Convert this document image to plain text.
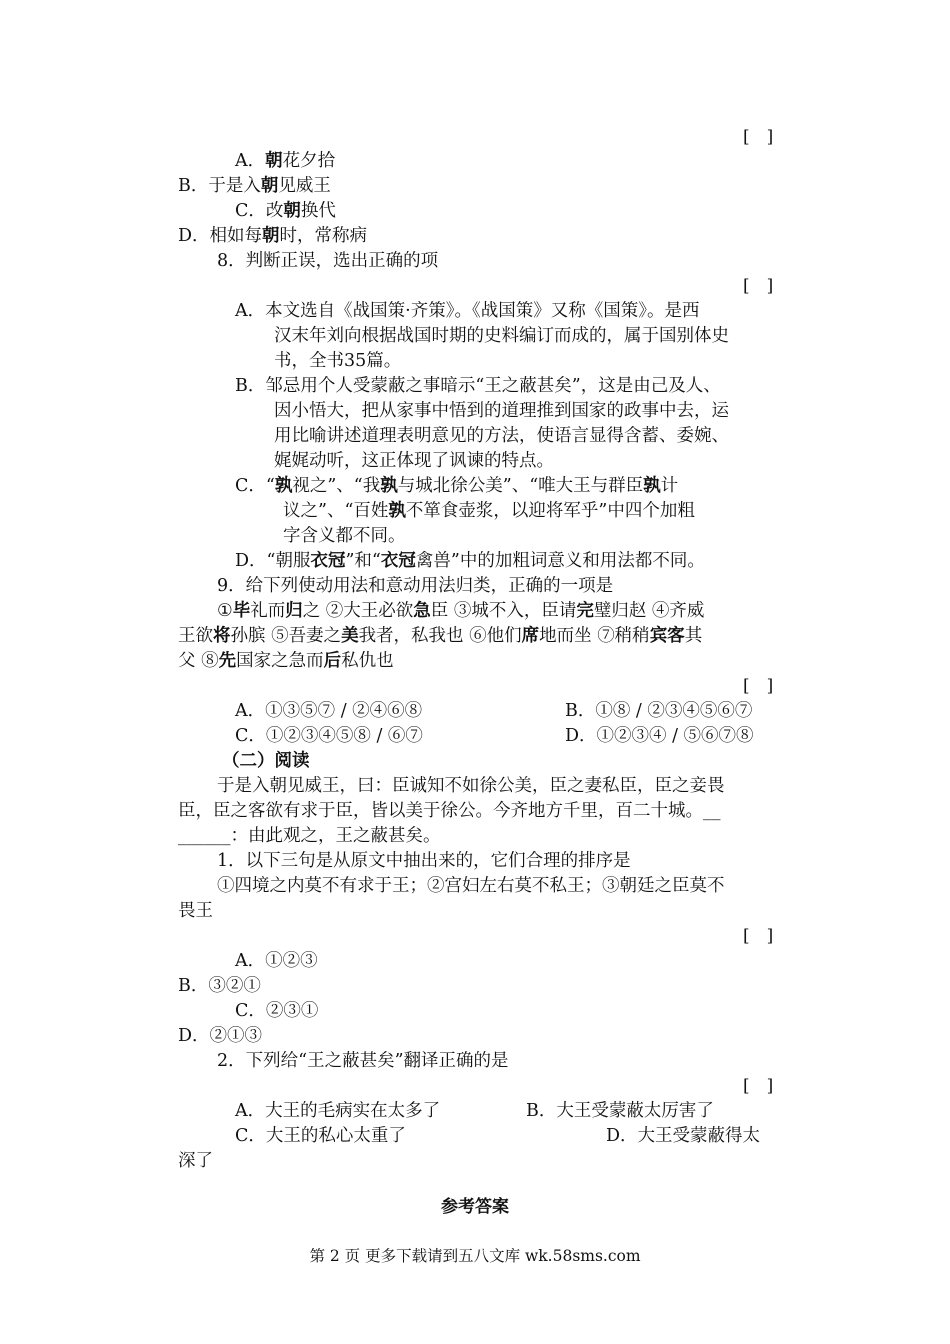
[　]
A．朝花夕拾
B．于是入朝见威王
C．改朝换代
D．相如每朝时，常称病
8．判断正误，选出正确的项
[　]
A．本文选自《战国策·齐策》。《战国策》又称《国策》。是西
汉末年刘向根据战国时期的史料编订而成的，属于国别体史
书，全书35篇。
B．邹忌用个人受蒙蔽之事暗示“王之蔽甚矣”，这是由己及人、
因小悟大，把从家事中悟到的道理推到国家的政事中去，运
用比喻讲述道理表明意见的方法，使语言显得含蓄、委婉、
娓娓动听，这正体现了讽谏的特点。
C．“孰视之”、“我孰与城北徐公美”、“唯大王与群臣孰计
议之”、“百姓孰不箪食壶浆，以迎将军乎”中四个加粗
字含义都不同。
D．“朝服衣冠”和“衣冠禽兽”中的加粗词意义和用法都不同。
9．给下列使动用法和意动用法归类，正确的一项是
①毕礼而归之 ②大王必欲急臣 ③城不入，臣请完璧归赵 ④齐威
王欲将孙膑 ⑤吾妻之美我者，私我也 ⑥他们席地而坐 ⑦稍稍宾客其
父 ⑧先国家之急而后私仇也
[　]
A．①③⑤⑦ / ②④⑥⑧	B．①⑧ / ②③④⑤⑥⑦
C．①②③④⑤⑧ / ⑥⑦	D．①②③④ / ⑤⑥⑦⑧
（二）阅读
于是入朝见威王，曰：臣诚知不如徐公美，臣之妻私臣，臣之妾畏
臣，臣之客欲有求于臣，皆以美于徐公。今齐地方千里，百二十城。__
______：由此观之，王之蔽甚矣。
1．以下三句是从原文中抽出来的，它们合理的排序是
①四境之内莫不有求于王；②宫妇左右莫不私王；③朝廷之臣莫不
畏王
[　]
A．①②③
B．③②①
C．②③①
D．②①③
2．下列给“王之蔽甚矣”翻译正确的是
[　]
A．大王的毛病实在太多了	B．大王受蒙蔽太厉害了
C．大王的私心太重了	D．大王受蒙蔽得太
深了
参考答案
第 2 页 更多下载请到五八文库 wk.58sms.com
